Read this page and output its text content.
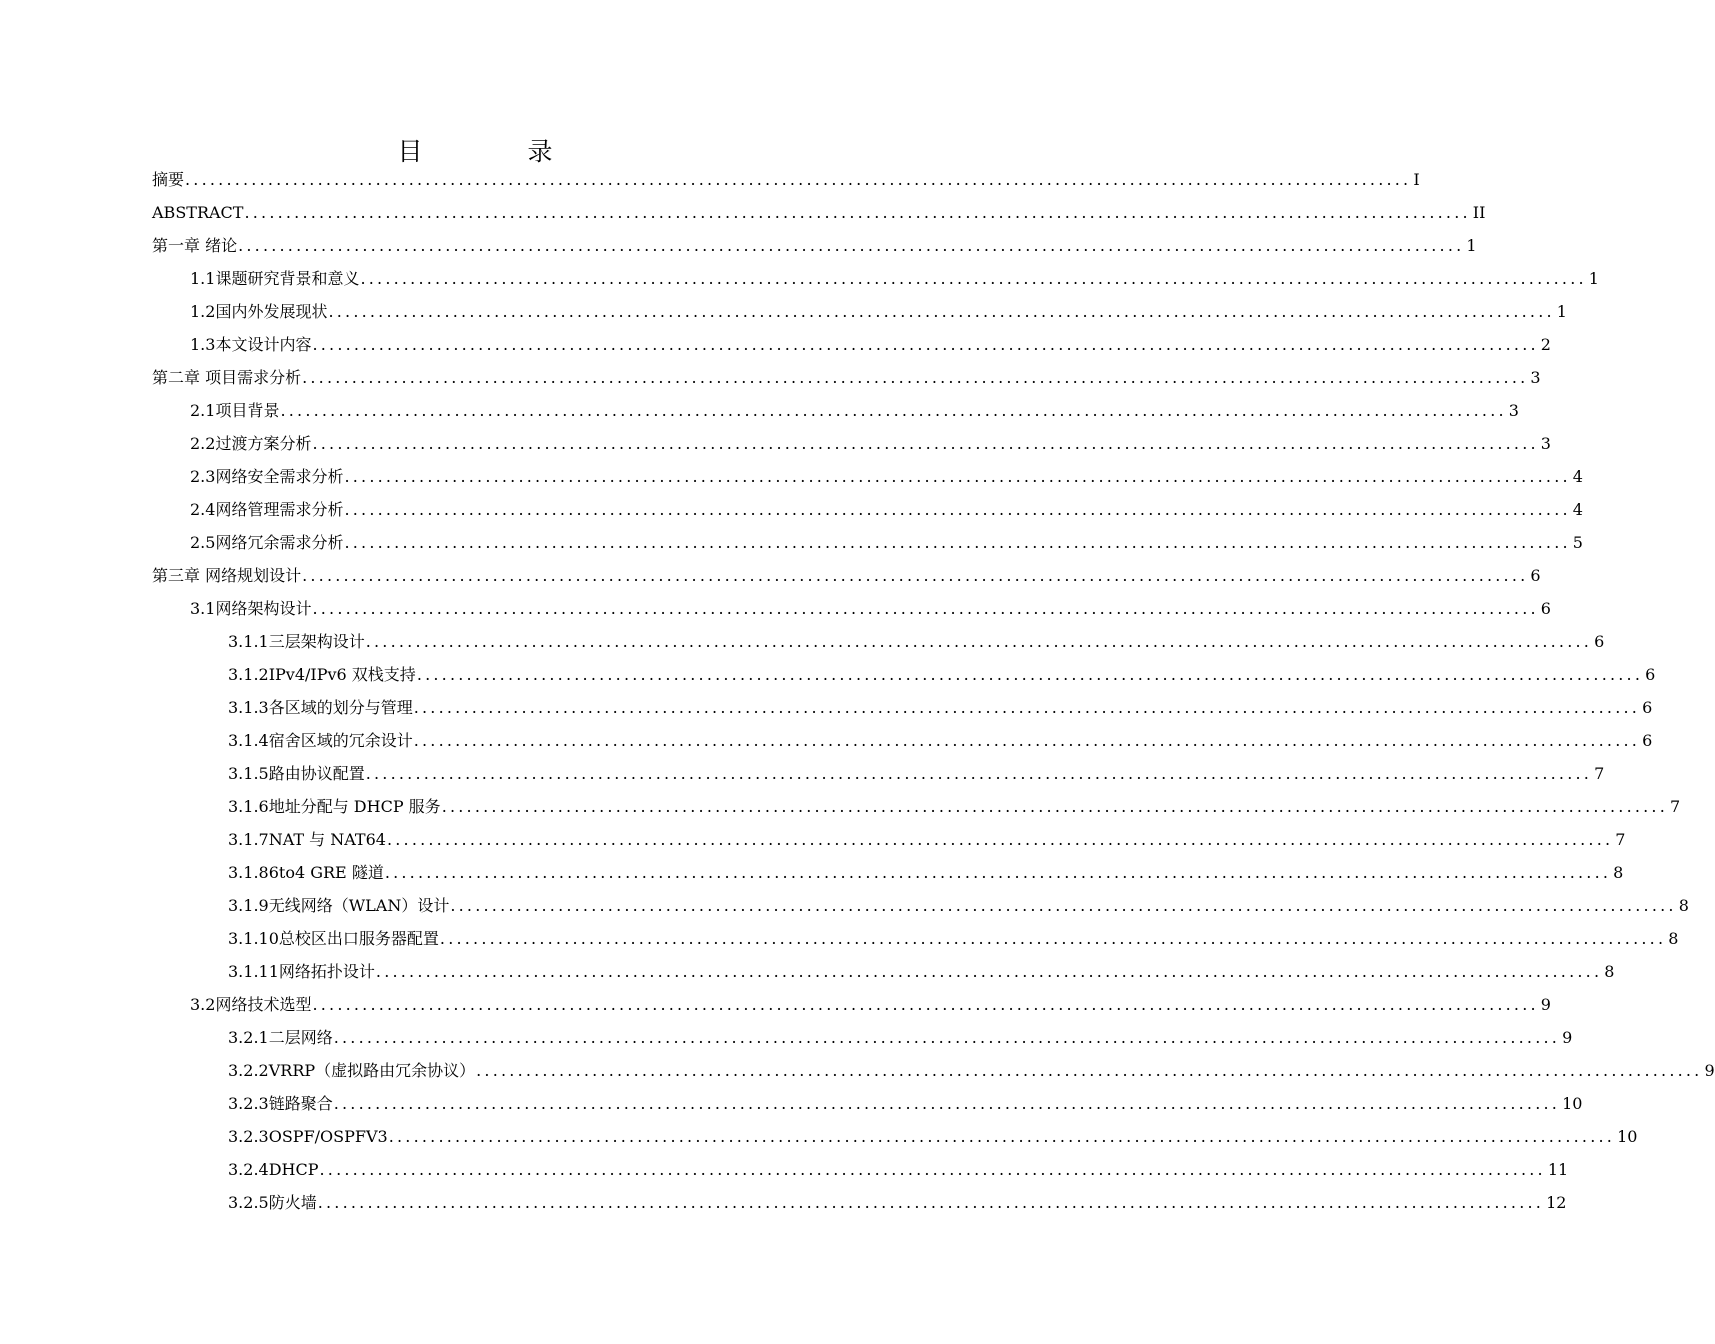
目　录
摘要 .................................................................................................................................................... I
ABSTRACT .................................................................................................................................................... II
第一章 绪论 .................................................................................................................................................... 1
1.1 课题研究背景和意义 .................................................................................................................................................... 1
1.2 国内外发展现状 .................................................................................................................................................... 1
1.3 本文设计内容 .................................................................................................................................................... 2
第二章 项目需求分析 .................................................................................................................................................... 3
2.1 项目背景 .................................................................................................................................................... 3
2.2 过渡方案分析 .................................................................................................................................................... 3
2.3 网络安全需求分析 .................................................................................................................................................... 4
2.4 网络管理需求分析 .................................................................................................................................................... 4
2.5 网络冗余需求分析 .................................................................................................................................................... 5
第三章 网络规划设计 .................................................................................................................................................... 6
3.1 网络架构设计 .................................................................................................................................................... 6
3.1.1 三层架构设计 .................................................................................................................................................... 6
3.1.2 IPv4/IPv6 双栈支持 .................................................................................................................................................... 6
3.1.3 各区域的划分与管理 .................................................................................................................................................... 6
3.1.4 宿舍区域的冗余设计 .................................................................................................................................................... 6
3.1.5 路由协议配置 .................................................................................................................................................... 7
3.1.6 地址分配与 DHCP 服务 .................................................................................................................................................... 7
3.1.7 NAT 与 NAT64 .................................................................................................................................................... 7
3.1.8 6to4 GRE 隧道 .................................................................................................................................................... 8
3.1.9 无线网络（WLAN）设计 .................................................................................................................................................... 8
3.1.10 总校区出口服务器配置 .................................................................................................................................................... 8
3.1.11 网络拓扑设计 .................................................................................................................................................... 8
3.2 网络技术选型 .................................................................................................................................................... 9
3.2.1 二层网络 .................................................................................................................................................... 9
3.2.2 VRRP（虚拟路由冗余协议） .................................................................................................................................................... 9
3.2.3 链路聚合 .................................................................................................................................................... 10
3.2.3 OSPF/OSPFV3 .................................................................................................................................................... 10
3.2.4 DHCP .................................................................................................................................................... 11
3.2.5 防火墙 .................................................................................................................................................... 12
